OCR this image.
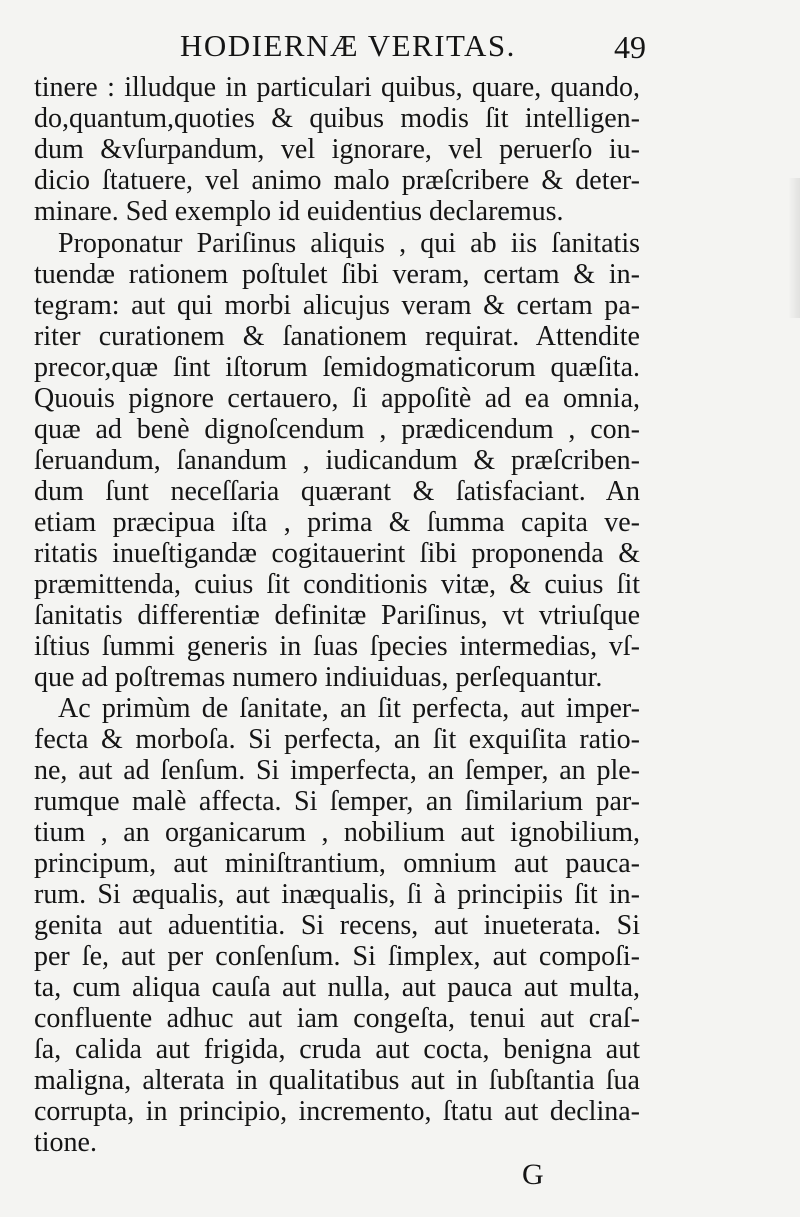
HODIERNÆ VERITAS.	49
tinere : illudque in particulari quibus, quare, quando,
do,quantum,quoties & quibus modis ſit intelligen-
dum &vſurpandum, vel ignorare, vel peruerſo iu-
dicio ſtatuere, vel animo malo præſcribere & deter-
minare. Sed exemplo id euidentius declaremus.
Proponatur Pariſinus aliquis , qui ab iis ſanitatis
tuendæ rationem poſtulet ſibi veram, certam & in-
tegram: aut qui morbi alicujus veram & certam pa-
riter curationem & ſanationem requirat. Attendite
precor,quæ ſint iſtorum ſemidogmaticorum quæſita.
Quouis pignore certauero, ſi appoſitè ad ea omnia,
quæ ad benè dignoſcendum , prædicendum , con-
ſeruandum, ſanandum , iudicandum & præſcriben-
dum ſunt neceſſaria quærant & ſatisfaciant. An
etiam præcipua iſta , prima & ſumma capita ve-
ritatis inueſtigandæ cogitauerint ſibi proponenda &
præmittenda, cuius ſit conditionis vitæ, & cuius ſit
ſanitatis differentiæ definitæ Pariſinus, vt vtriuſque
iſtius ſummi generis in ſuas ſpecies intermedias, vſ-
que ad poſtremas numero indiuiduas, perſequantur.
Ac primùm de ſanitate, an ſit perfecta, aut imper-
fecta & morboſa. Si perfecta, an ſit exquiſita ratio-
ne, aut ad ſenſum. Si imperfecta, an ſemper, an ple-
rumque malè affecta. Si ſemper, an ſimilarium par-
tium , an organicarum , nobilium aut ignobilium,
principum, aut miniſtrantium, omnium aut pauca-
rum. Si æqualis, aut inæqualis, ſi à principiis ſit in-
genita aut aduentitia. Si recens, aut inueterata. Si
per ſe, aut per conſenſum. Si ſimplex, aut compoſi-
ta, cum aliqua cauſa aut nulla, aut pauca aut multa,
confluente adhuc aut iam congeſta, tenui aut craſ-
ſa, calida aut frigida, cruda aut cocta, benigna aut
maligna, alterata in qualitatibus aut in ſubſtantia ſua
corrupta, in principio, incremento, ſtatu aut declina-
tione.
G
